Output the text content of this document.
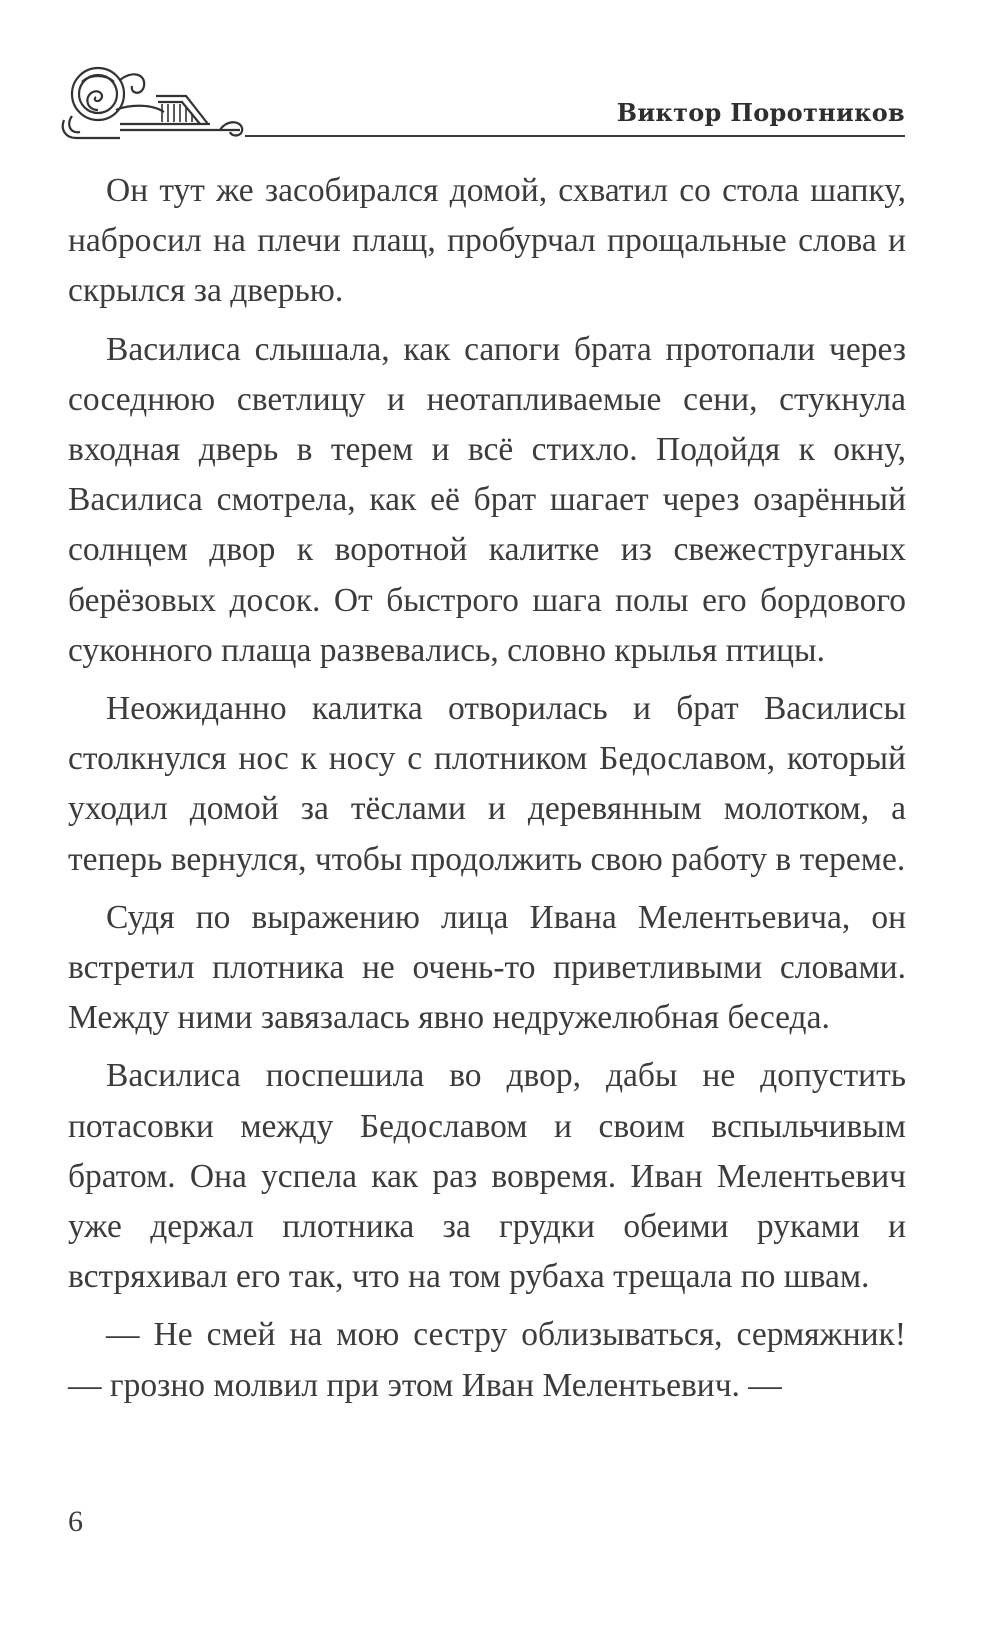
Виктор Поротников

Он тут же засобирался домой, схватил со стола шапку, набросил на плечи плащ, пробурчал прощальные слова и скрылся за дверью.

Василиса слышала, как сапоги брата протопали через соседнюю светлицу и неотапливаемые сени, стукнула входная дверь в терем и всё стихло. Подойдя к окну, Василиса смотрела, как её брат шагает через озарённый солнцем двор к воротной калитке из свежеструганых берёзовых досок. От быстрого шага полы его бордового суконного плаща развевались, словно крылья птицы.

Неожиданно калитка отворилась и брат Василисы столкнулся нос к носу с плотником Бедославом, который уходил домой за тёслами и деревянным молотком, а теперь вернулся, чтобы продолжить свою работу в тереме.

Судя по выражению лица Ивана Мелентьевича, он встретил плотника не очень-то приветливыми словами. Между ними завязалась явно недружелюбная беседа.

Василиса поспешила во двор, дабы не допустить потасовки между Бедославом и своим вспыльчивым братом. Она успела как раз вовремя. Иван Мелентьевич уже держал плотника за грудки обеими руками и встряхивал его так, что на том рубаха трещала по швам.

— Не смей на мою сестру облизываться, сермяжник! — грозно молвил при этом Иван Мелентьевич. —

6
